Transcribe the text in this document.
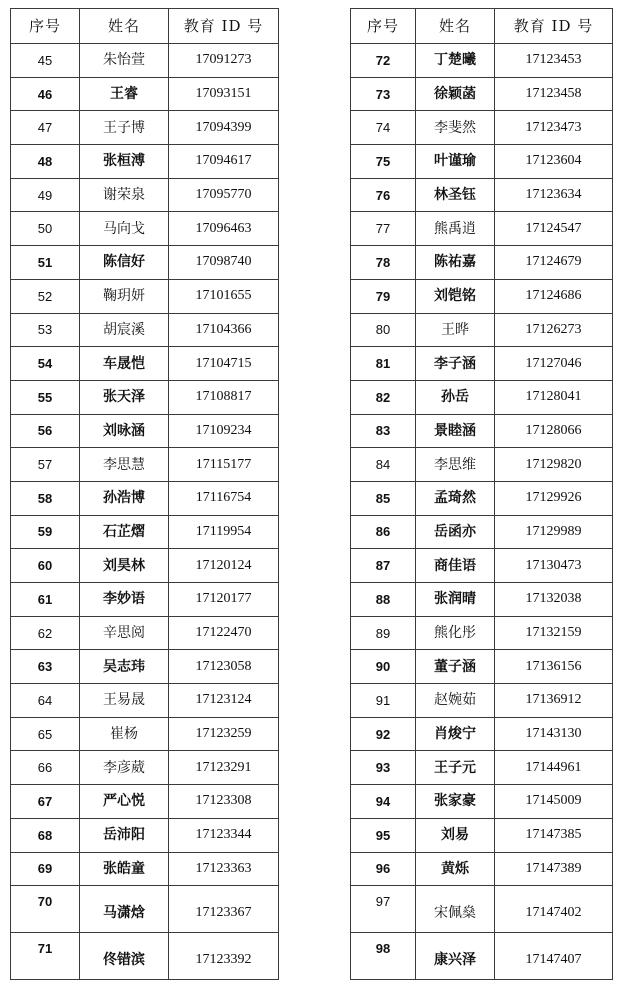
序号	姓名	教育 ID 号
45	朱怡萱	17091273
46	王睿	17093151
47	王子博	17094399
48	张桓溥	17094617
49	谢荣泉	17095770
50	马向戈	17096463
51	陈信好	17098740
52	鞠玥妍	17101655
53	胡宸溪	17104366
54	车晟恺	17104715
55	张天泽	17108817
56	刘咏涵	17109234
57	李思慧	17115177
58	孙浩博	17116754
59	石芷熠	17119954
60	刘昊林	17120124
61	李妙语	17120177
62	辛思阅	17122470
63	吴志玮	17123058
64	王易晟	17123124
65	崔杨	17123259
66	李彦葳	17123291
67	严心悦	17123308
68	岳沛阳	17123344
69	张皓童	17123363
70	马潇焓	17123367
71	佟错滨	17123392
序号	姓名	教育 ID 号
72	丁楚曦	17123453
73	徐颖菡	17123458
74	李斐然	17123473
75	叶谨瑜	17123604
76	林圣钰	17123634
77	熊禹逍	17124547
78	陈祐嘉	17124679
79	刘铠铭	17124686
80	王晔	17126273
81	李子涵	17127046
82	孙岳	17128041
83	景睦涵	17128066
84	李思维	17129820
85	孟琦然	17129926
86	岳函亦	17129989
87	商佳语	17130473
88	张润晴	17132038
89	熊化彤	17132159
90	董子涵	17136156
91	赵婉茹	17136912
92	肖焌宁	17143130
93	王子元	17144961
94	张家豪	17145009
95	刘易	17147385
96	黄烁	17147389
97	宋佩燊	17147402
98	康兴泽	17147407
